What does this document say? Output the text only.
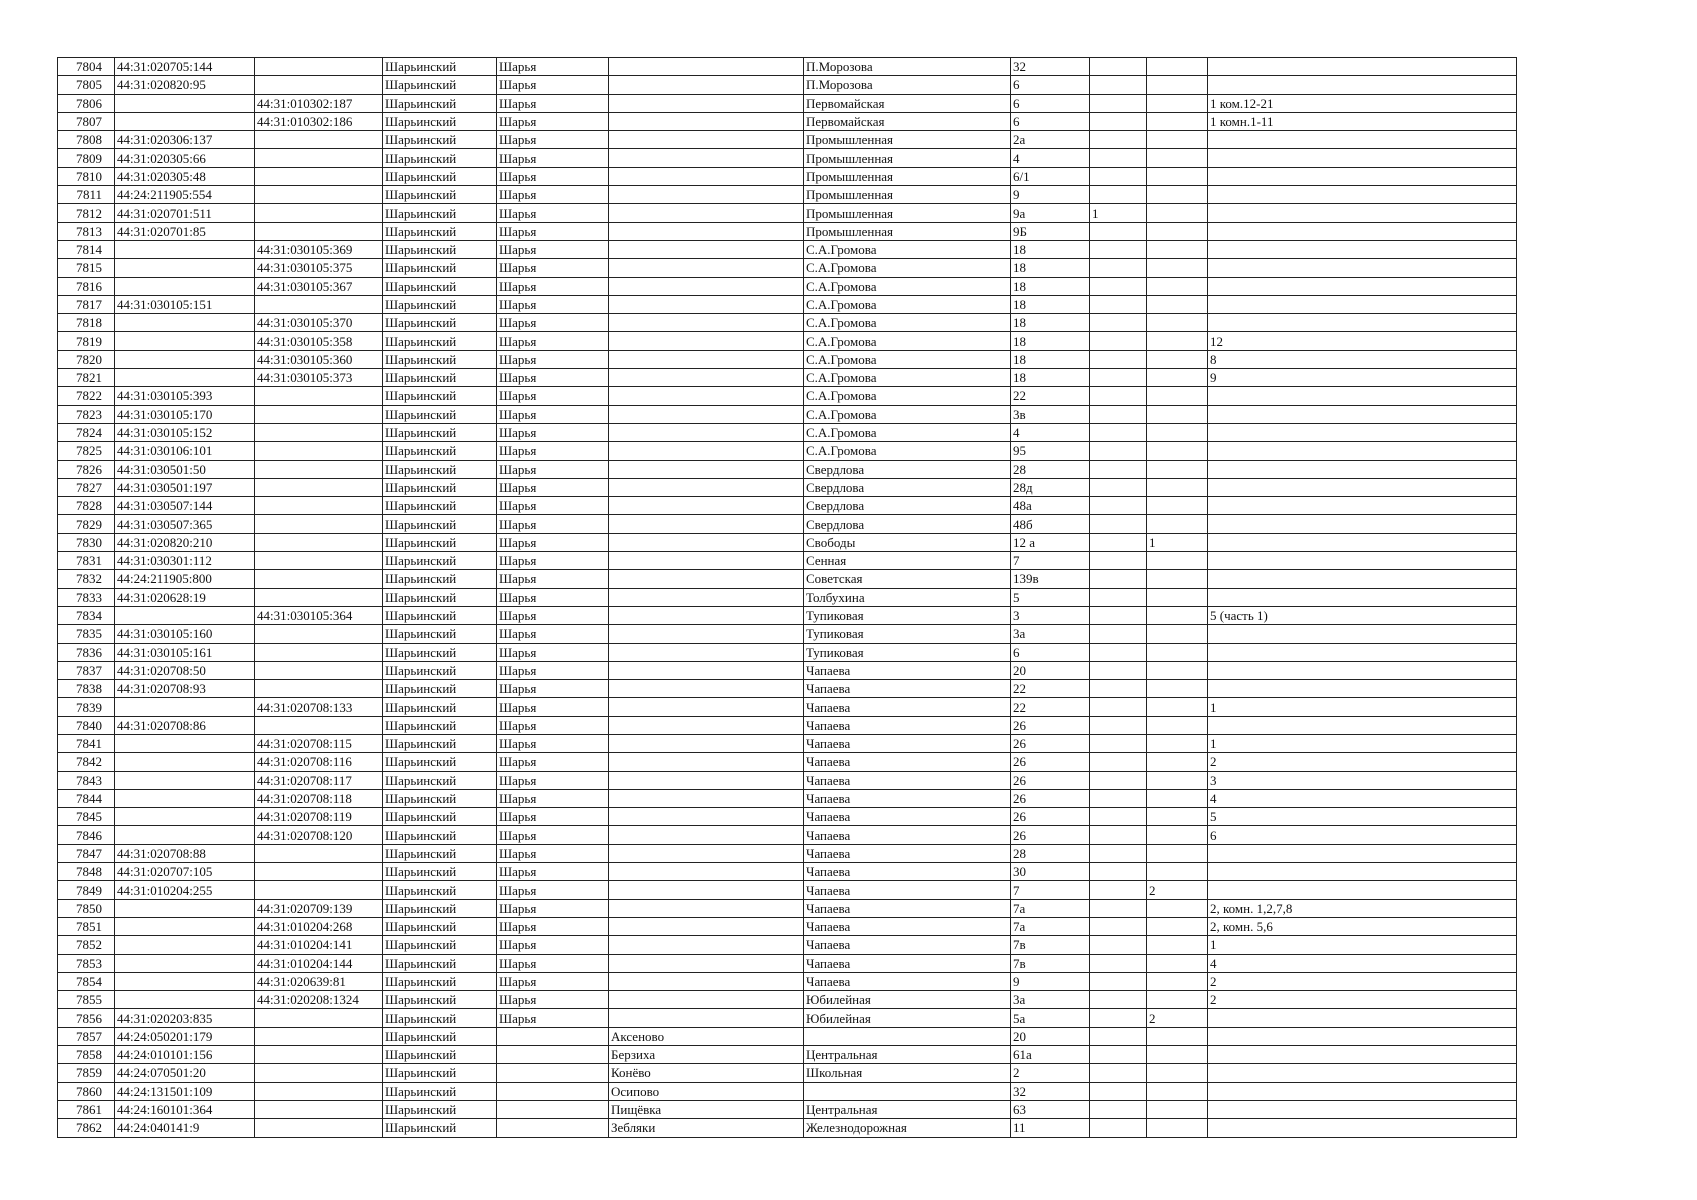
7804	44:31:020705:144		Шарьинский	Шарья		П.Морозова	32			
7805	44:31:020820:95		Шарьинский	Шарья		П.Морозова	6			
7806		44:31:010302:187	Шарьинский	Шарья		Первомайская	6			1 ком.12-21
7807		44:31:010302:186	Шарьинский	Шарья		Первомайская	6			1 комн.1-11
7808	44:31:020306:137		Шарьинский	Шарья		Промышленная	2а			
7809	44:31:020305:66		Шарьинский	Шарья		Промышленная	4			
7810	44:31:020305:48		Шарьинский	Шарья		Промышленная	6/1			
7811	44:24:211905:554		Шарьинский	Шарья		Промышленная	9			
7812	44:31:020701:511		Шарьинский	Шарья		Промышленная	9а	1		
7813	44:31:020701:85		Шарьинский	Шарья		Промышленная	9Б			
7814		44:31:030105:369	Шарьинский	Шарья		С.А.Громова	18			
7815		44:31:030105:375	Шарьинский	Шарья		С.А.Громова	18			
7816		44:31:030105:367	Шарьинский	Шарья		С.А.Громова	18			
7817	44:31:030105:151		Шарьинский	Шарья		С.А.Громова	18			
7818		44:31:030105:370	Шарьинский	Шарья		С.А.Громова	18			
7819		44:31:030105:358	Шарьинский	Шарья		С.А.Громова	18			12
7820		44:31:030105:360	Шарьинский	Шарья		С.А.Громова	18			8
7821		44:31:030105:373	Шарьинский	Шарья		С.А.Громова	18			9
7822	44:31:030105:393		Шарьинский	Шарья		С.А.Громова	22			
7823	44:31:030105:170		Шарьинский	Шарья		С.А.Громова	3в			
7824	44:31:030105:152		Шарьинский	Шарья		С.А.Громова	4			
7825	44:31:030106:101		Шарьинский	Шарья		С.А.Громова	95			
7826	44:31:030501:50		Шарьинский	Шарья		Свердлова	28			
7827	44:31:030501:197		Шарьинский	Шарья		Свердлова	28д			
7828	44:31:030507:144		Шарьинский	Шарья		Свердлова	48а			
7829	44:31:030507:365		Шарьинский	Шарья		Свердлова	48б			
7830	44:31:020820:210		Шарьинский	Шарья		Свободы	12 а		1	
7831	44:31:030301:112		Шарьинский	Шарья		Сенная	7			
7832	44:24:211905:800		Шарьинский	Шарья		Советская	139в			
7833	44:31:020628:19		Шарьинский	Шарья		Толбухина	5			
7834		44:31:030105:364	Шарьинский	Шарья		Тупиковая	3			5 (часть 1)
7835	44:31:030105:160		Шарьинский	Шарья		Тупиковая	3а			
7836	44:31:030105:161		Шарьинский	Шарья		Тупиковая	6			
7837	44:31:020708:50		Шарьинский	Шарья		Чапаева	20			
7838	44:31:020708:93		Шарьинский	Шарья		Чапаева	22			
7839		44:31:020708:133	Шарьинский	Шарья		Чапаева	22			1
7840	44:31:020708:86		Шарьинский	Шарья		Чапаева	26			
7841		44:31:020708:115	Шарьинский	Шарья		Чапаева	26			1
7842		44:31:020708:116	Шарьинский	Шарья		Чапаева	26			2
7843		44:31:020708:117	Шарьинский	Шарья		Чапаева	26			3
7844		44:31:020708:118	Шарьинский	Шарья		Чапаева	26			4
7845		44:31:020708:119	Шарьинский	Шарья		Чапаева	26			5
7846		44:31:020708:120	Шарьинский	Шарья		Чапаева	26			6
7847	44:31:020708:88		Шарьинский	Шарья		Чапаева	28			
7848	44:31:020707:105		Шарьинский	Шарья		Чапаева	30			
7849	44:31:010204:255		Шарьинский	Шарья		Чапаева	7		2	
7850		44:31:020709:139	Шарьинский	Шарья		Чапаева	7а			2, комн. 1,2,7,8
7851		44:31:010204:268	Шарьинский	Шарья		Чапаева	7а			2, комн. 5,6
7852		44:31:010204:141	Шарьинский	Шарья		Чапаева	7в			1
7853		44:31:010204:144	Шарьинский	Шарья		Чапаева	7в			4
7854		44:31:020639:81	Шарьинский	Шарья		Чапаева	9			2
7855		44:31:020208:1324	Шарьинский	Шарья		Юбилейная	3а			2
7856	44:31:020203:835		Шарьинский	Шарья		Юбилейная	5а		2	
7857	44:24:050201:179		Шарьинский		Аксеново		20			
7858	44:24:010101:156		Шарьинский		Берзиха	Центральная	61а			
7859	44:24:070501:20		Шарьинский		Конёво	Школьная	2			
7860	44:24:131501:109		Шарьинский		Осипово		32			
7861	44:24:160101:364		Шарьинский		Пищёвка	Центральная	63			
7862	44:24:040141:9		Шарьинский		Зебляки	Железнодорожная	11			
